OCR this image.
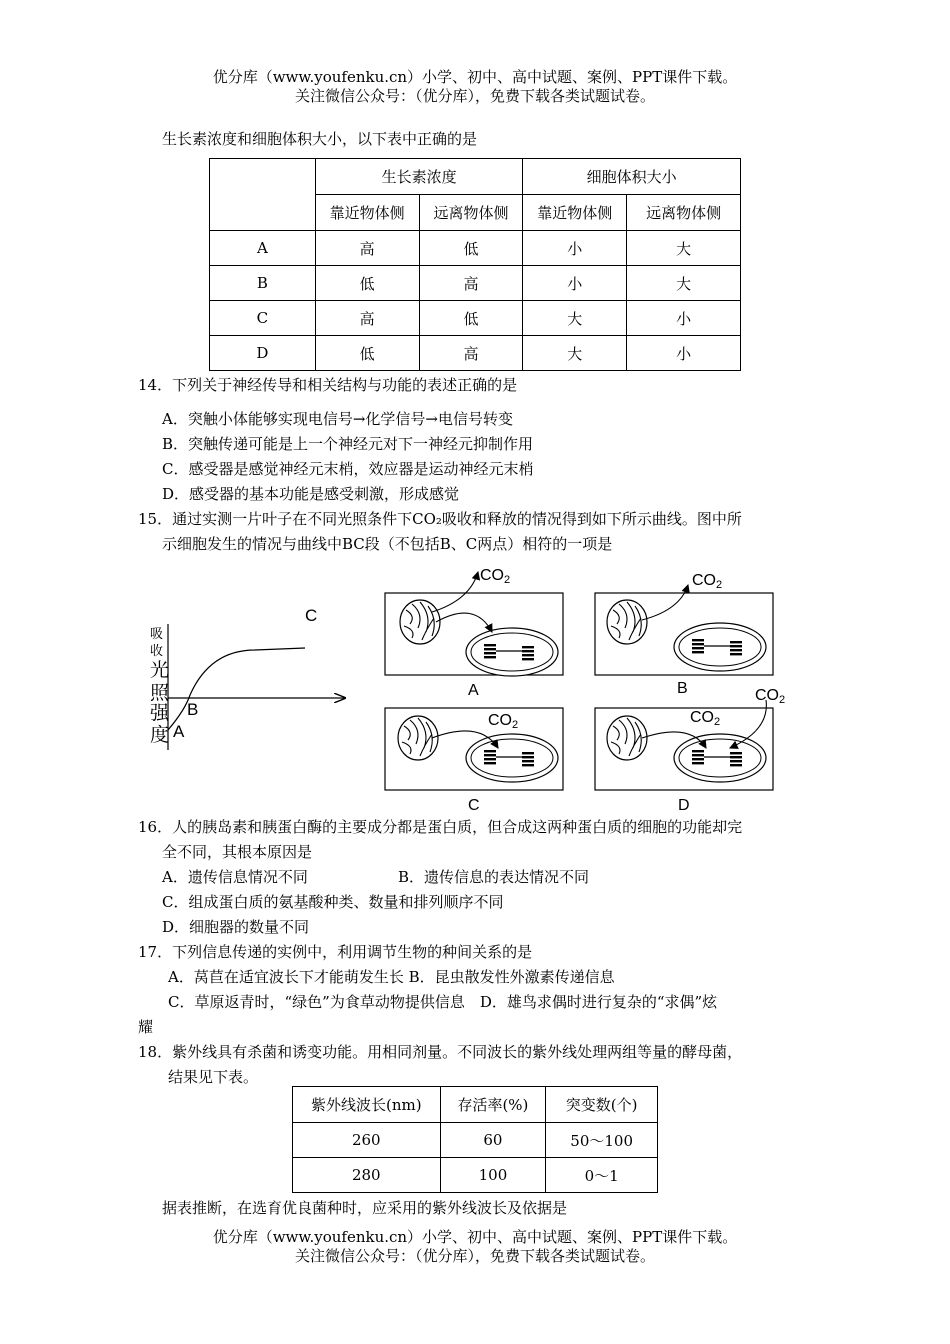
优分库（www.youfenku.cn）小学、初中、高中试题、案例、PPT课件下载。
关注微信公众号：（优分库），免费下载各类试题试卷。
生长素浓度和细胞体积大小，以下表中正确的是
	生长素浓度		细胞体积大小	
	靠近物体侧	远离物体侧	靠近物体侧	远离物体侧
A	高	低	小	大
B	低	高	小	大
C	高	低	大	小
D	低	高	大	小
14．下列关于神经传导和相关结构与功能的表述正确的是
A．突触小体能够实现电信号→化学信号→电信号转变
B．突触传递可能是上一个神经元对下一神经元抑制作用
C．感受器是感觉神经元末梢，效应器是运动神经元末梢
D．感受器的基本功能是感受刺激，形成感觉
15．通过实测一片叶子在不同光照条件下CO₂吸收和释放的情况得到如下所示曲线。图中所
示细胞发生的情况与曲线中BC段（不包括B、C两点）相符的一项是
吸
收
光
照
强
度
C
B
A
CO2
A
CO2
B
CO2
C
CO2
CO2
D
16．人的胰岛素和胰蛋白酶的主要成分都是蛋白质，但合成这两种蛋白质的细胞的功能却完
全不同，其根本原因是
A．遗传信息情况不同	B．遗传信息的表达情况不同
C．组成蛋白质的氨基酸种类、数量和排列顺序不同
D．细胞器的数量不同
17．下列信息传递的实例中，利用调节生物的种间关系的是
A．莴苣在适宜波长下才能萌发生长 B．昆虫散发性外激素传递信息
C．草原返青时，“绿色”为食草动物提供信息　D．雄鸟求偶时进行复杂的“求偶”炫
耀
18．紫外线具有杀菌和诱变功能。用相同剂量。不同波长的紫外线处理两组等量的酵母菌，
结果见下表。
紫外线波长(nm)	存活率(%)	突变数(个)
260	60	50～100
280	100	0～1
据表推断，在选育优良菌种时，应采用的紫外线波长及依据是
优分库（www.youfenku.cn）小学、初中、高中试题、案例、PPT课件下载。
关注微信公众号：（优分库），免费下载各类试题试卷。
